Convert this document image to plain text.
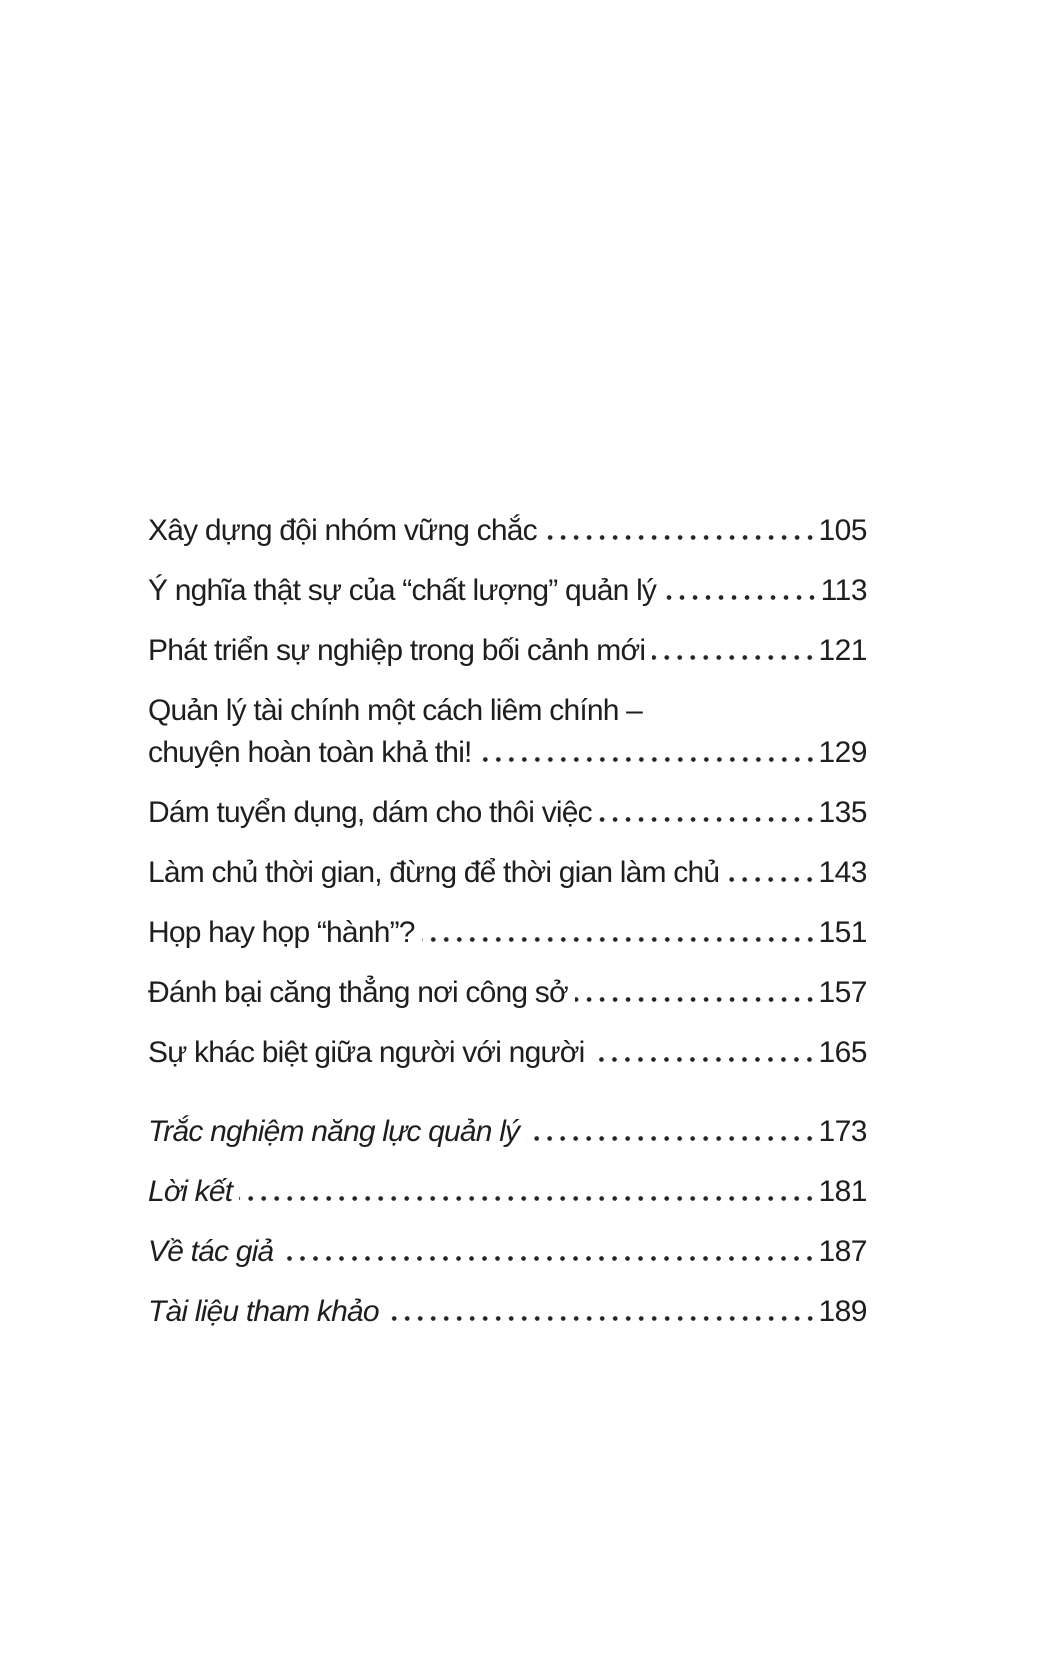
Xây dựng đội nhóm vững chắc	105
Ý nghĩa thật sự của “chất lượng” quản lý	113
Phát triển sự nghiệp trong bối cảnh mới	121
Quản lý tài chính một cách liêm chính –
chuyện hoàn toàn khả thi!	129
Dám tuyển dụng, dám cho thôi việc	135
Làm chủ thời gian, đừng để thời gian làm chủ	143
Họp hay họp “hành”?	151
Đánh bại căng thẳng nơi công sở	157
Sự khác biệt giữa người với người	165
Trắc nghiệm năng lực quản lý	173
Lời kết	181
Về tác giả	187
Tài liệu tham khảo	189
